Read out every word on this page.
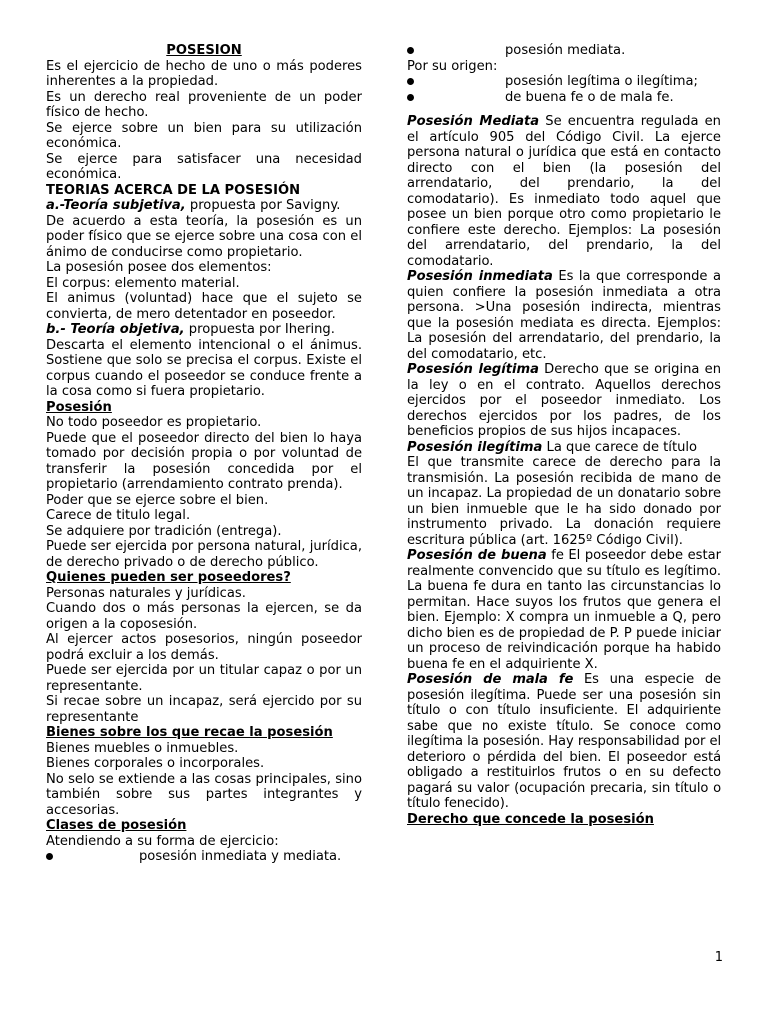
POSESION

Es el ejercicio de hecho de uno o más poderes inherentes a la propiedad.

Es un derecho real proveniente de un poder físico de hecho.

Se ejerce sobre un bien para su utilización económica.

Se ejerce para satisfacer una necesidad económica.

TEORIAS ACERCA DE LA POSESIÓN

a.-Teoría subjetiva, propuesta por Savigny.

De acuerdo a esta teoría, la posesión es un poder físico que se ejerce sobre una cosa con el ánimo de conducirse como propietario.

La posesión posee dos elementos:

El corpus: elemento material.

El animus (voluntad) hace que el sujeto se convierta, de mero detentador en poseedor.

b.- Teoría objetiva, propuesta por Ihering.

Descarta el elemento intencional o el ánimus. Sostiene que solo se precisa el corpus. Existe el corpus cuando el poseedor se conduce frente a la cosa como si fuera propietario.

Posesión

No todo poseedor es propietario.

Puede que el poseedor directo del bien lo haya tomado por decisión propia o por voluntad de transferir la posesión concedida por el propietario (arrendamiento contrato prenda).

Poder que se ejerce sobre el bien.

Carece de titulo legal.

Se adquiere por tradición (entrega).

Puede ser ejercida por persona natural, jurídica, de derecho privado o de derecho público.

Quienes pueden ser poseedores?

Personas naturales y jurídicas.

Cuando dos o más personas la ejercen, se da origen a la coposesión.

Al ejercer actos posesorios, ningún poseedor podrá excluir a los demás.

Puede ser ejercida por un titular capaz o por un representante.

Si recae sobre un incapaz, será ejercido por su representante

Bienes sobre los que recae la posesión

Bienes muebles o inmuebles.

Bienes corporales o incorporales.

No selo se extiende a las cosas principales, sino también sobre sus partes integrantes y accesorias.

Clases de posesión

Atendiendo a su forma de ejercicio:

posesión inmediata y mediata.
posesión mediata.

Por su origen:

posesión legítima o ilegítima;
de buena fe o de mala fe.

Posesión Mediata Se encuentra regulada en el artículo 905 del Código Civil. La ejerce persona natural o jurídica que está en contacto directo con el bien (la posesión del arrendatario, del prendario, la del comodatario). Es inmediato todo aquel que posee un bien porque otro como propietario le confiere este derecho. Ejemplos: La posesión del arrendatario, del prendario, la del comodatario.

Posesión inmediata Es la que corresponde a quien confiere la posesión inmediata a otra persona. >Una posesión indirecta, mientras que la posesión mediata es directa. Ejemplos: La posesión del arrendatario, del prendario, la del comodatario, etc.

Posesión legítima Derecho que se origina en la ley o en el contrato. Aquellos derechos ejercidos por el poseedor inmediato. Los derechos ejercidos por los padres, de los beneficios propios de sus hijos incapaces.

Posesión ilegítima La que carece de título

El que transmite carece de derecho para la transmisión. La posesión recibida de mano de un incapaz. La propiedad de un donatario sobre un bien inmueble que le ha sido donado por instrumento privado. La donación requiere escritura pública (art. 1625º Código Civil).

Posesión de buena fe El poseedor debe estar realmente convencido que su título es legítimo. La buena fe dura en tanto las circunstancias lo permitan. Hace suyos los frutos que genera el bien. Ejemplo: X compra un inmueble a Q, pero dicho bien es de propiedad de P. P puede iniciar un proceso de reivindicación porque ha habido buena fe en el adquiriente X.

Posesión de mala fe Es una especie de posesión ilegítima. Puede ser una posesión sin título o con título insuficiente. El adquiriente sabe que no existe título. Se conoce como ilegítima la posesión. Hay responsabilidad por el deterioro o pérdida del bien. El poseedor está obligado a restituirlos frutos o en su defecto pagará su valor (ocupación precaria, sin título o título fenecido).

Derecho que concede la posesión

1
